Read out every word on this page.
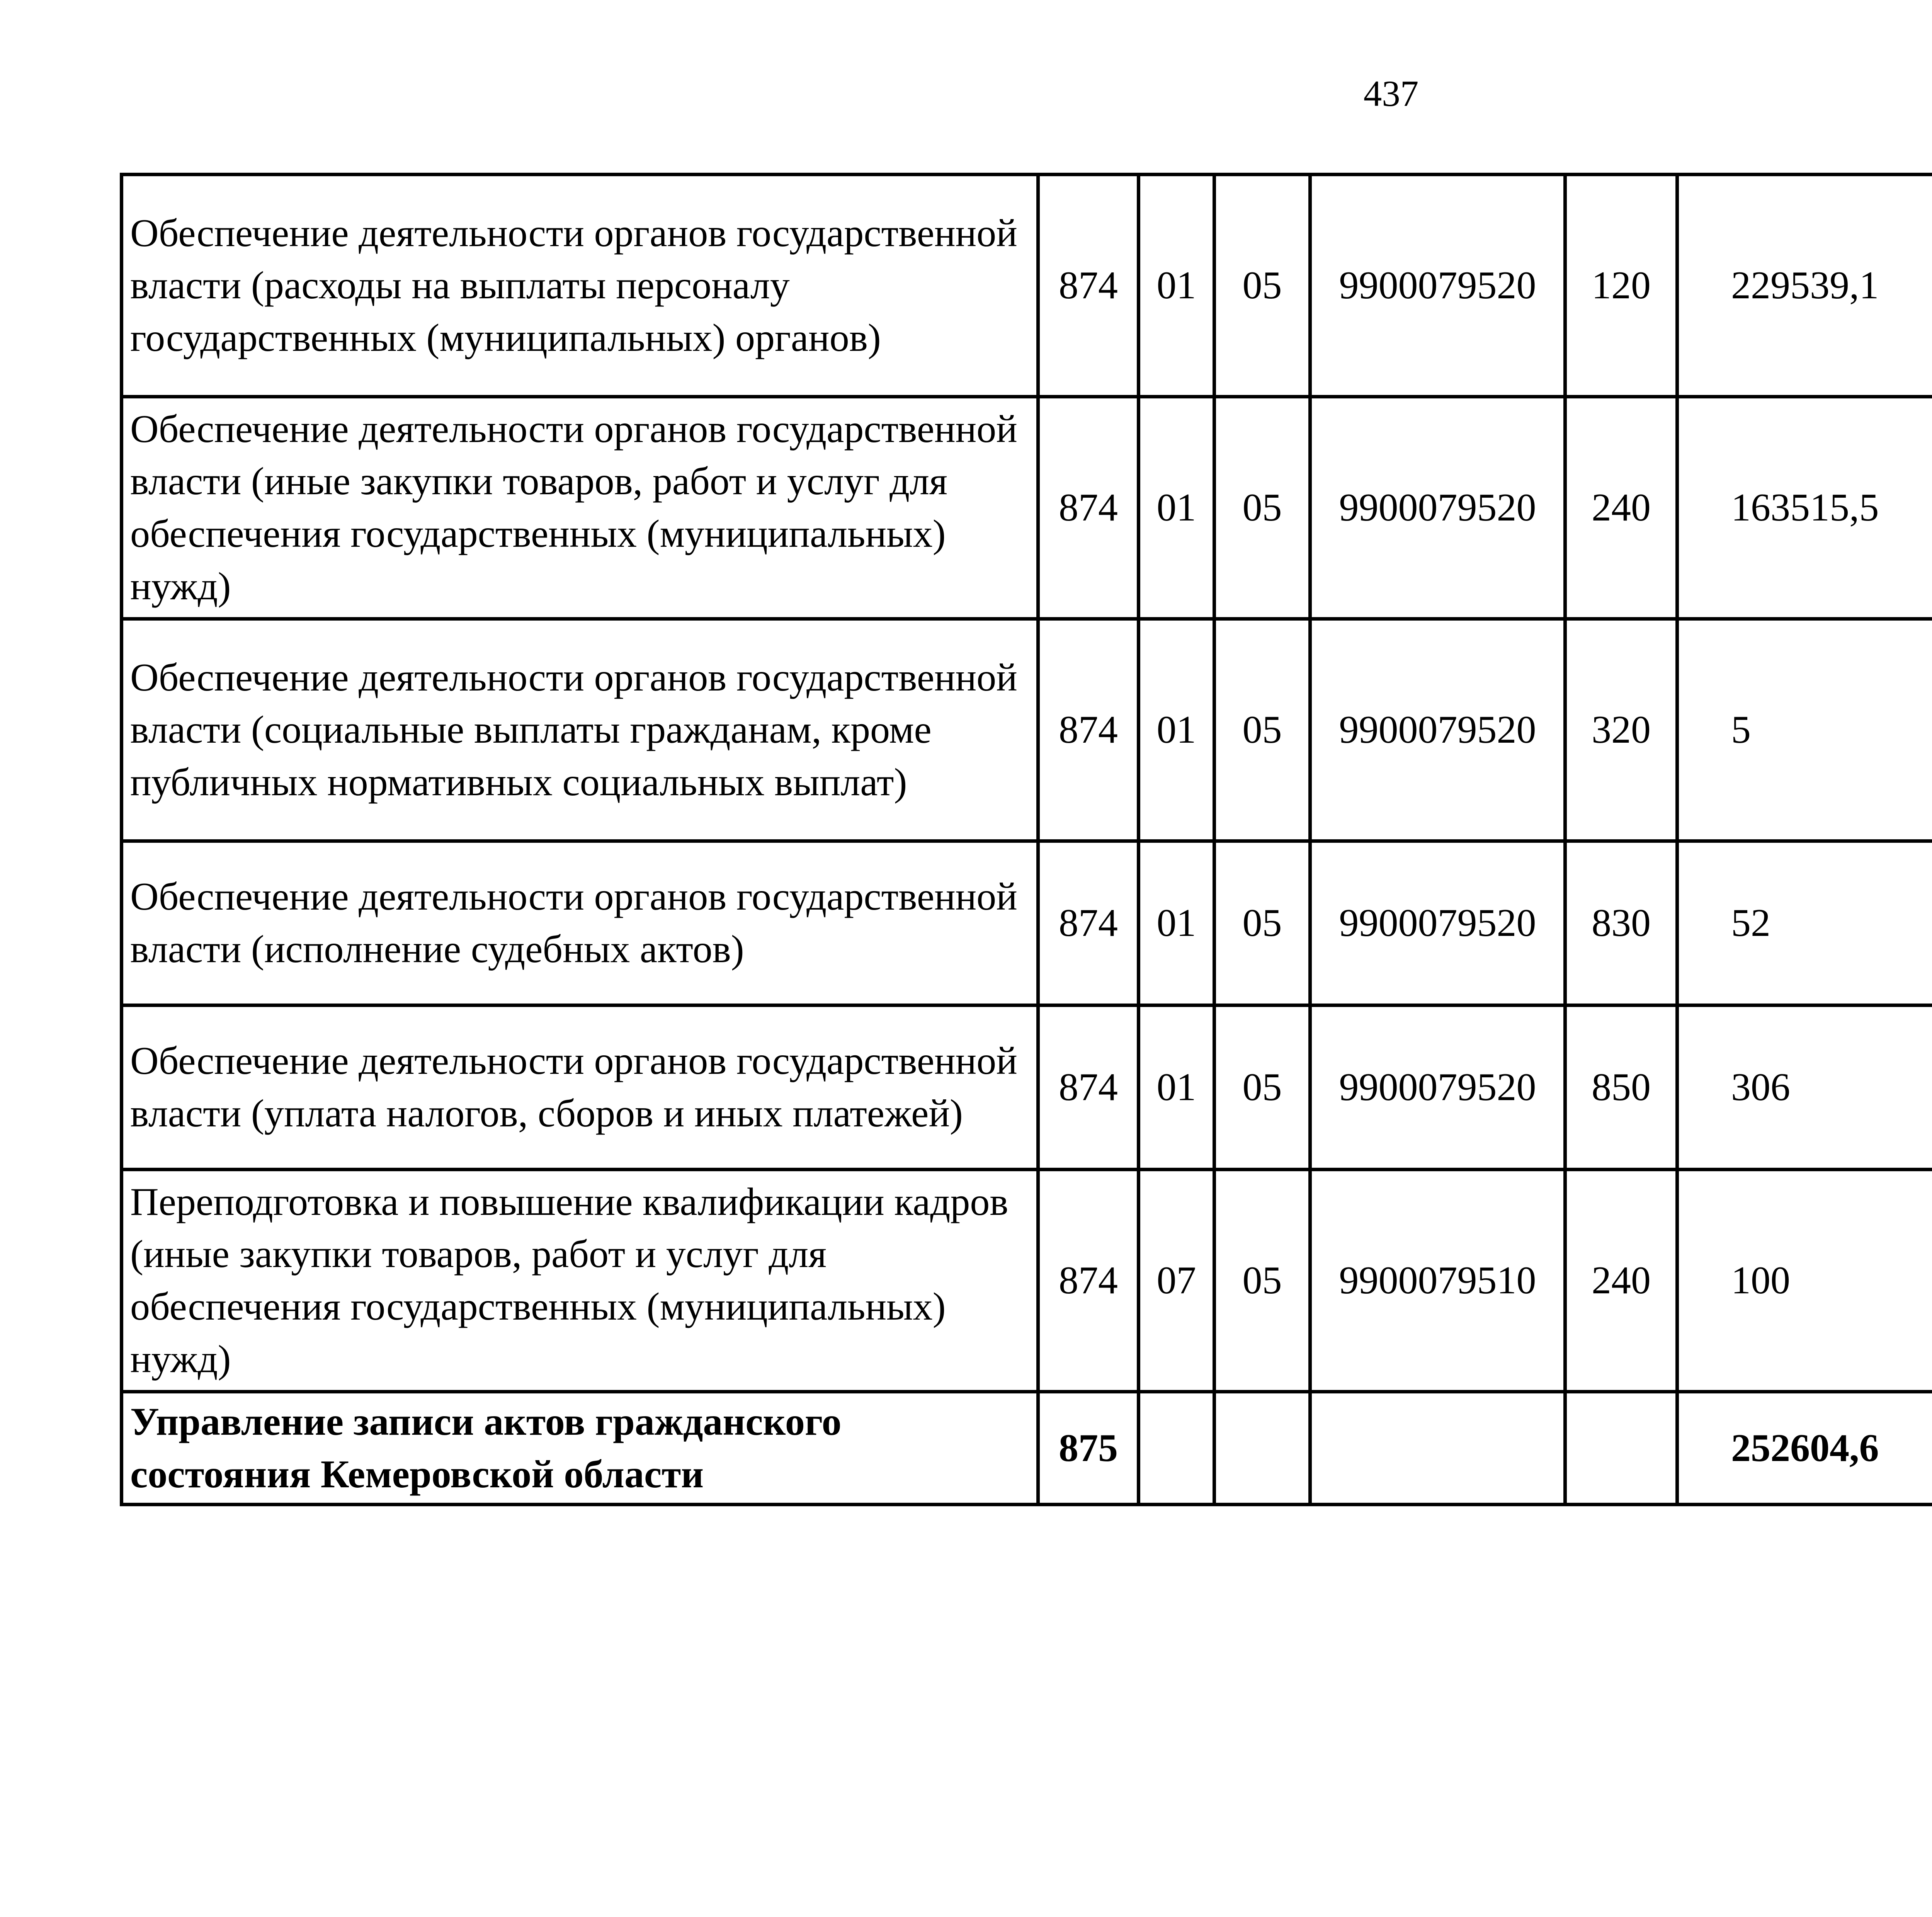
437
Обеспечение деятельности органов государственной власти (расходы на выплаты персоналу государственных (муниципальных) органов)	874	01	05	9900079520	120	229539,1		
Обеспечение деятельности органов государственной власти (иные закупки товаров, работ и услуг для обеспечения государственных (муниципальных) нужд)	874	01	05	9900079520	240	163515,5		
Обеспечение деятельности органов государственной власти (социальные выплаты гражданам, кроме публичных нормативных социальных выплат)	874	01	05	9900079520	320	5		
Обеспечение деятельности органов государственной власти (исполнение судебных актов)	874	01	05	9900079520	830	52		
Обеспечение деятельности органов государственной власти (уплата налогов, сборов и иных платежей)	874	01	05	9900079520	850	306		
Переподготовка и повышение квалификации кадров (иные закупки товаров, работ и услуг для обеспечения государственных (муниципальных) нужд)	874	07	05	9900079510	240	100		
Управление записи актов гражданского состояния Кемеровской области	875					252604,6		
